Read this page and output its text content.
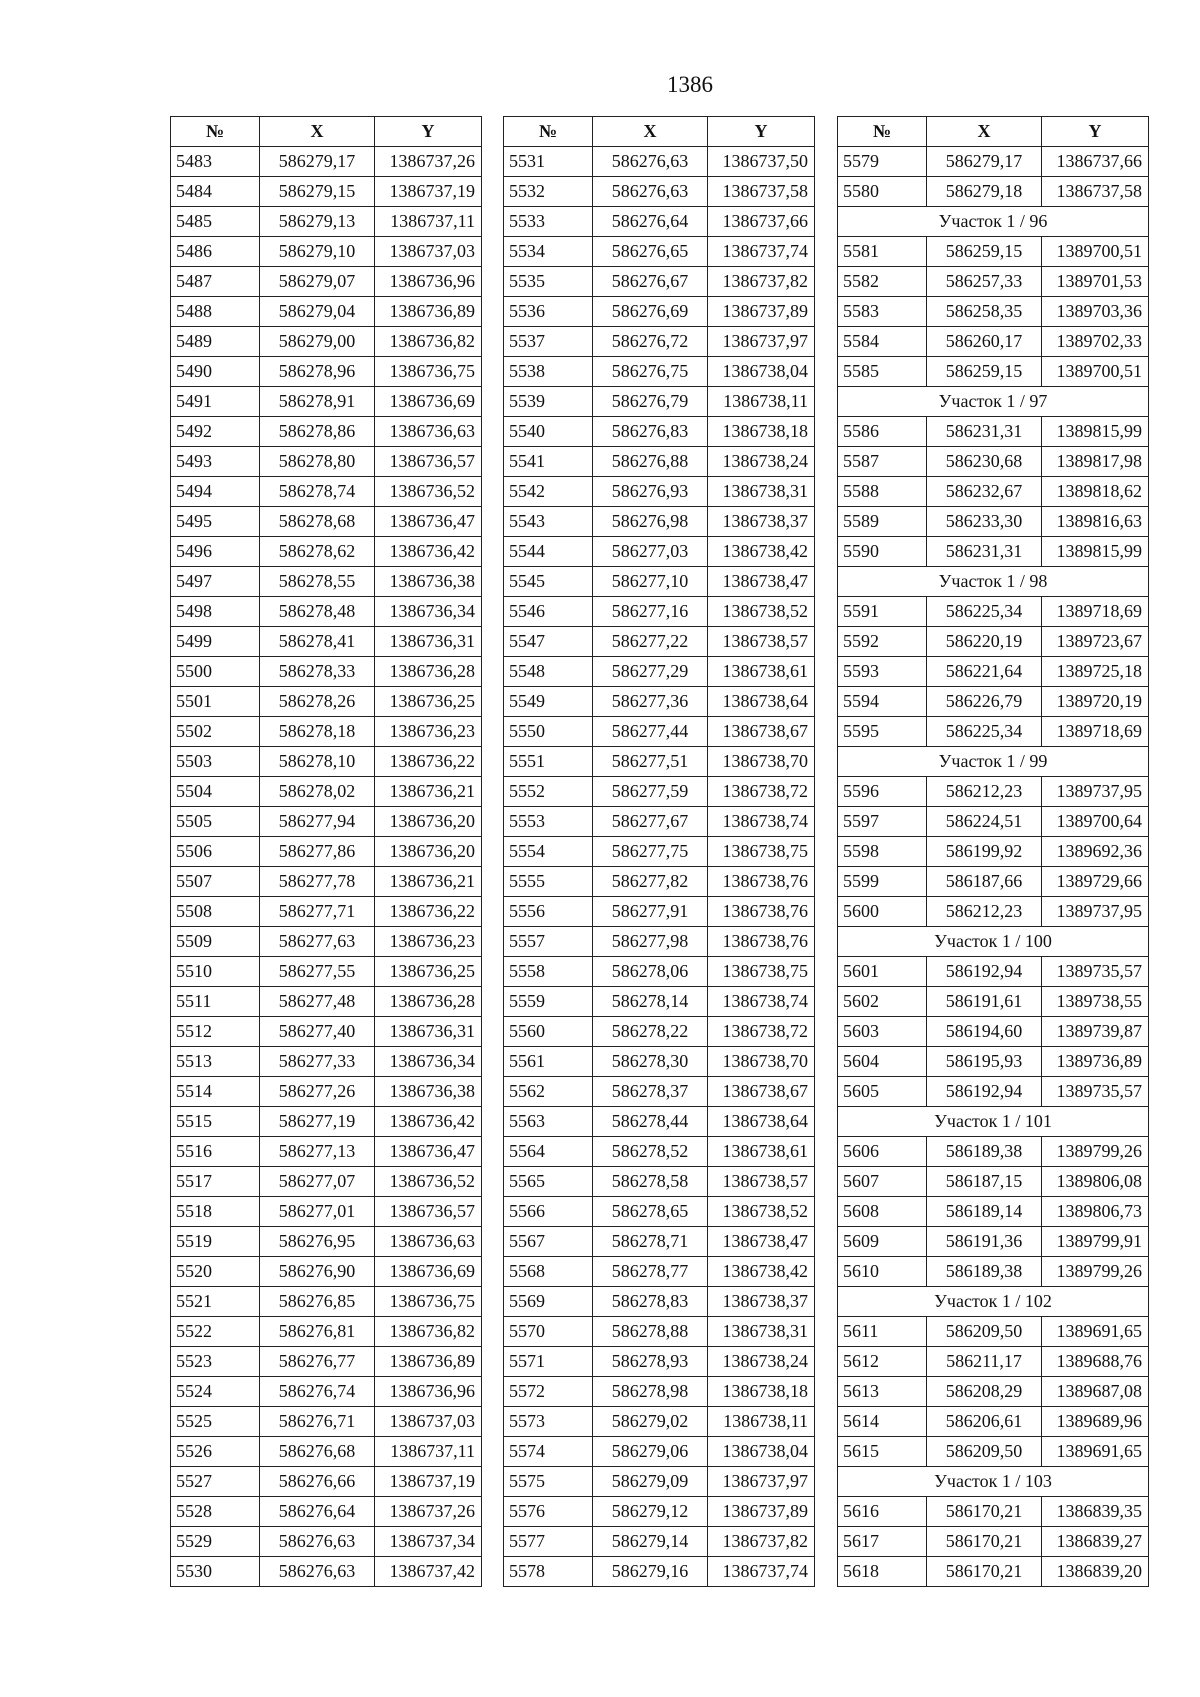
1386
№	X	Y
5483	586279,17	1386737,26
5484	586279,15	1386737,19
5485	586279,13	1386737,11
5486	586279,10	1386737,03
5487	586279,07	1386736,96
5488	586279,04	1386736,89
5489	586279,00	1386736,82
5490	586278,96	1386736,75
5491	586278,91	1386736,69
5492	586278,86	1386736,63
5493	586278,80	1386736,57
5494	586278,74	1386736,52
5495	586278,68	1386736,47
5496	586278,62	1386736,42
5497	586278,55	1386736,38
5498	586278,48	1386736,34
5499	586278,41	1386736,31
5500	586278,33	1386736,28
5501	586278,26	1386736,25
5502	586278,18	1386736,23
5503	586278,10	1386736,22
5504	586278,02	1386736,21
5505	586277,94	1386736,20
5506	586277,86	1386736,20
5507	586277,78	1386736,21
5508	586277,71	1386736,22
5509	586277,63	1386736,23
5510	586277,55	1386736,25
5511	586277,48	1386736,28
5512	586277,40	1386736,31
5513	586277,33	1386736,34
5514	586277,26	1386736,38
5515	586277,19	1386736,42
5516	586277,13	1386736,47
5517	586277,07	1386736,52
5518	586277,01	1386736,57
5519	586276,95	1386736,63
5520	586276,90	1386736,69
5521	586276,85	1386736,75
5522	586276,81	1386736,82
5523	586276,77	1386736,89
5524	586276,74	1386736,96
5525	586276,71	1386737,03
5526	586276,68	1386737,11
5527	586276,66	1386737,19
5528	586276,64	1386737,26
5529	586276,63	1386737,34
5530	586276,63	1386737,42
№	X	Y
5531	586276,63	1386737,50
5532	586276,63	1386737,58
5533	586276,64	1386737,66
5534	586276,65	1386737,74
5535	586276,67	1386737,82
5536	586276,69	1386737,89
5537	586276,72	1386737,97
5538	586276,75	1386738,04
5539	586276,79	1386738,11
5540	586276,83	1386738,18
5541	586276,88	1386738,24
5542	586276,93	1386738,31
5543	586276,98	1386738,37
5544	586277,03	1386738,42
5545	586277,10	1386738,47
5546	586277,16	1386738,52
5547	586277,22	1386738,57
5548	586277,29	1386738,61
5549	586277,36	1386738,64
5550	586277,44	1386738,67
5551	586277,51	1386738,70
5552	586277,59	1386738,72
5553	586277,67	1386738,74
5554	586277,75	1386738,75
5555	586277,82	1386738,76
5556	586277,91	1386738,76
5557	586277,98	1386738,76
5558	586278,06	1386738,75
5559	586278,14	1386738,74
5560	586278,22	1386738,72
5561	586278,30	1386738,70
5562	586278,37	1386738,67
5563	586278,44	1386738,64
5564	586278,52	1386738,61
5565	586278,58	1386738,57
5566	586278,65	1386738,52
5567	586278,71	1386738,47
5568	586278,77	1386738,42
5569	586278,83	1386738,37
5570	586278,88	1386738,31
5571	586278,93	1386738,24
5572	586278,98	1386738,18
5573	586279,02	1386738,11
5574	586279,06	1386738,04
5575	586279,09	1386737,97
5576	586279,12	1386737,89
5577	586279,14	1386737,82
5578	586279,16	1386737,74
№	X	Y
5579	586279,17	1386737,66
5580	586279,18	1386737,58
Участок 1 / 96		
5581	586259,15	1389700,51
5582	586257,33	1389701,53
5583	586258,35	1389703,36
5584	586260,17	1389702,33
5585	586259,15	1389700,51
Участок 1 / 97		
5586	586231,31	1389815,99
5587	586230,68	1389817,98
5588	586232,67	1389818,62
5589	586233,30	1389816,63
5590	586231,31	1389815,99
Участок 1 / 98		
5591	586225,34	1389718,69
5592	586220,19	1389723,67
5593	586221,64	1389725,18
5594	586226,79	1389720,19
5595	586225,34	1389718,69
Участок 1 / 99		
5596	586212,23	1389737,95
5597	586224,51	1389700,64
5598	586199,92	1389692,36
5599	586187,66	1389729,66
5600	586212,23	1389737,95
Участок 1 / 100		
5601	586192,94	1389735,57
5602	586191,61	1389738,55
5603	586194,60	1389739,87
5604	586195,93	1389736,89
5605	586192,94	1389735,57
Участок 1 / 101		
5606	586189,38	1389799,26
5607	586187,15	1389806,08
5608	586189,14	1389806,73
5609	586191,36	1389799,91
5610	586189,38	1389799,26
Участок 1 / 102		
5611	586209,50	1389691,65
5612	586211,17	1389688,76
5613	586208,29	1389687,08
5614	586206,61	1389689,96
5615	586209,50	1389691,65
Участок 1 / 103		
5616	586170,21	1386839,35
5617	586170,21	1386839,27
5618	586170,21	1386839,20
